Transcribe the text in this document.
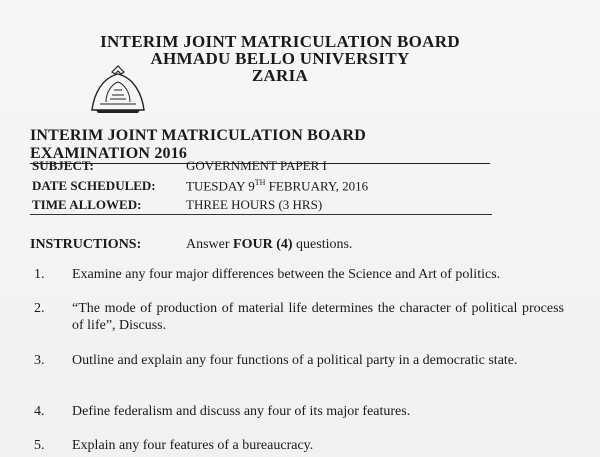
INTERIM JOINT MATRICULATION BOARD
AHMADU BELLO UNIVERSITY
ZARIA
INTERIM JOINT MATRICULATION BOARD EXAMINATION 2016
SUBJECT:	GOVERNMENT PAPER I
DATE SCHEDULED: TUESDAY 9TH FEBRUARY, 2016
TIME ALLOWED:	THREE HOURS (3 HRS)
INSTRUCTIONS:	Answer FOUR (4) questions.
1. Examine any four major differences between the Science and Art of politics.
2. “The mode of production of material life determines the character of political process of life”, Discuss.
3. Outline and explain any four functions of a political party in a democratic state.
4. Define federalism and discuss any four of its major features.
5. Explain any four features of a bureaucracy.
